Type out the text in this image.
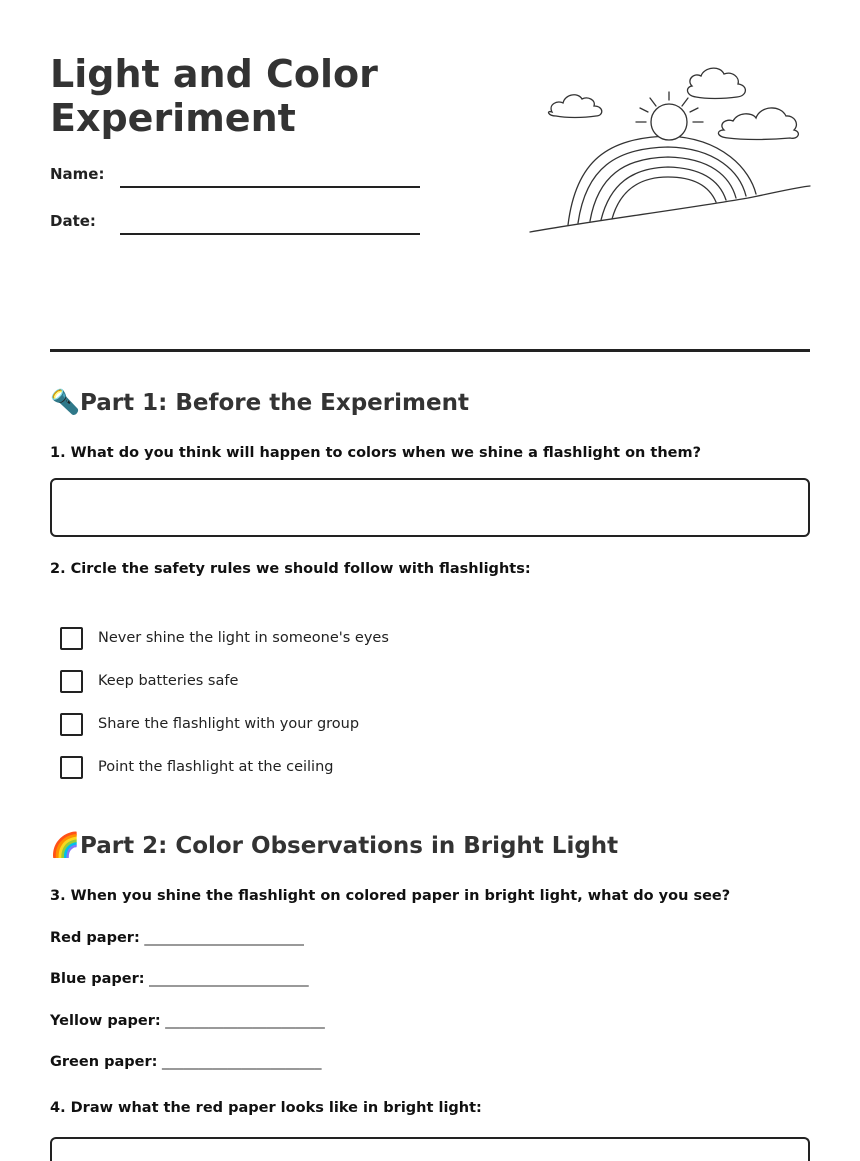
Light and Color Experiment
Name:
Date:
🔦Part 1: Before the Experiment
1. What do you think will happen to colors when we shine a flashlight on them?
2. Circle the safety rules we should follow with flashlights:
Never shine the light in someone's eyes
Keep batteries safe
Share the flashlight with your group
Point the flashlight at the ceiling
🌈Part 2: Color Observations in Bright Light
3. When you shine the flashlight on colored paper in bright light, what do you see?
Red paper: ______________________
Blue paper: ______________________
Yellow paper: ______________________
Green paper: ______________________
4. Draw what the red paper looks like in bright light:
